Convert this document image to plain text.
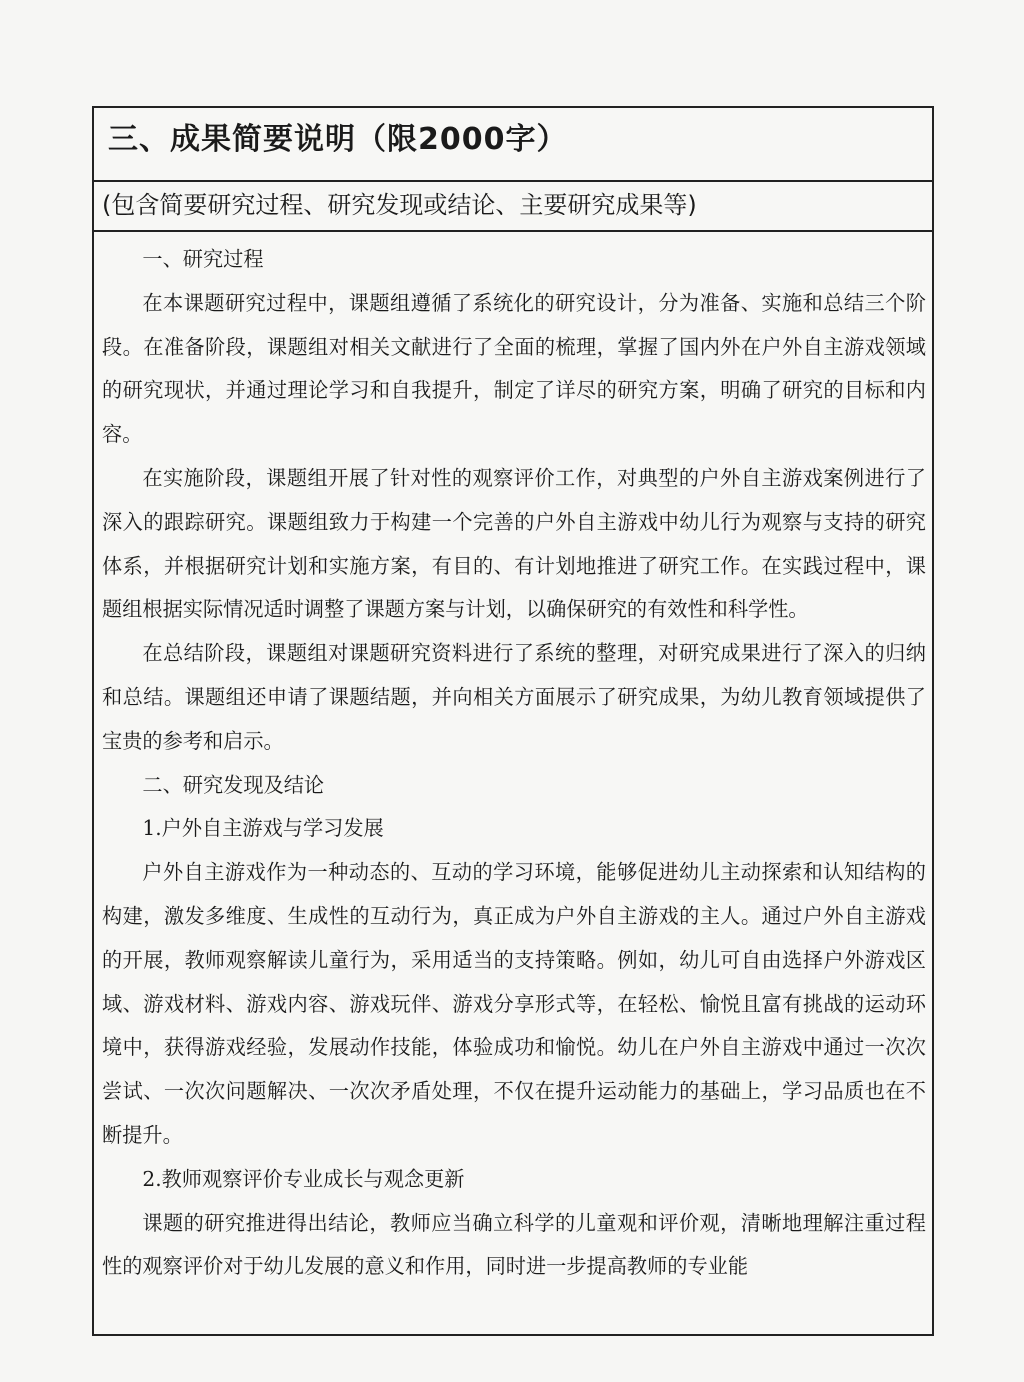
三、成果简要说明（限2000字）
(包含简要研究过程、研究发现或结论、主要研究成果等)

一、研究过程

在本课题研究过程中，课题组遵循了系统化的研究设计，分为准备、实施和总结三个阶段。在准备阶段，课题组对相关文献进行了全面的梳理，掌握了国内外在户外自主游戏领域的研究现状，并通过理论学习和自我提升，制定了详尽的研究方案，明确了研究的目标和内容。

在实施阶段，课题组开展了针对性的观察评价工作，对典型的户外自主游戏案例进行了深入的跟踪研究。课题组致力于构建一个完善的户外自主游戏中幼儿行为观察与支持的研究体系，并根据研究计划和实施方案，有目的、有计划地推进了研究工作。在实践过程中，课题组根据实际情况适时调整了课题方案与计划，以确保研究的有效性和科学性。

在总结阶段，课题组对课题研究资料进行了系统的整理，对研究成果进行了深入的归纳和总结。课题组还申请了课题结题，并向相关方面展示了研究成果，为幼儿教育领域提供了宝贵的参考和启示。

二、研究发现及结论

1.户外自主游戏与学习发展

户外自主游戏作为一种动态的、互动的学习环境，能够促进幼儿主动探索和认知结构的构建，激发多维度、生成性的互动行为，真正成为户外自主游戏的主人。通过户外自主游戏的开展，教师观察解读儿童行为，采用适当的支持策略。例如，幼儿可自由选择户外游戏区域、游戏材料、游戏内容、游戏玩伴、游戏分享形式等，在轻松、愉悦且富有挑战的运动环境中，获得游戏经验，发展动作技能，体验成功和愉悦。幼儿在户外自主游戏中通过一次次尝试、一次次问题解决、一次次矛盾处理，不仅在提升运动能力的基础上，学习品质也在不断提升。

2.教师观察评价专业成长与观念更新

课题的研究推进得出结论，教师应当确立科学的儿童观和评价观，清晰地理解注重过程性的观察评价对于幼儿发展的意义和作用，同时进一步提高教师的专业能
